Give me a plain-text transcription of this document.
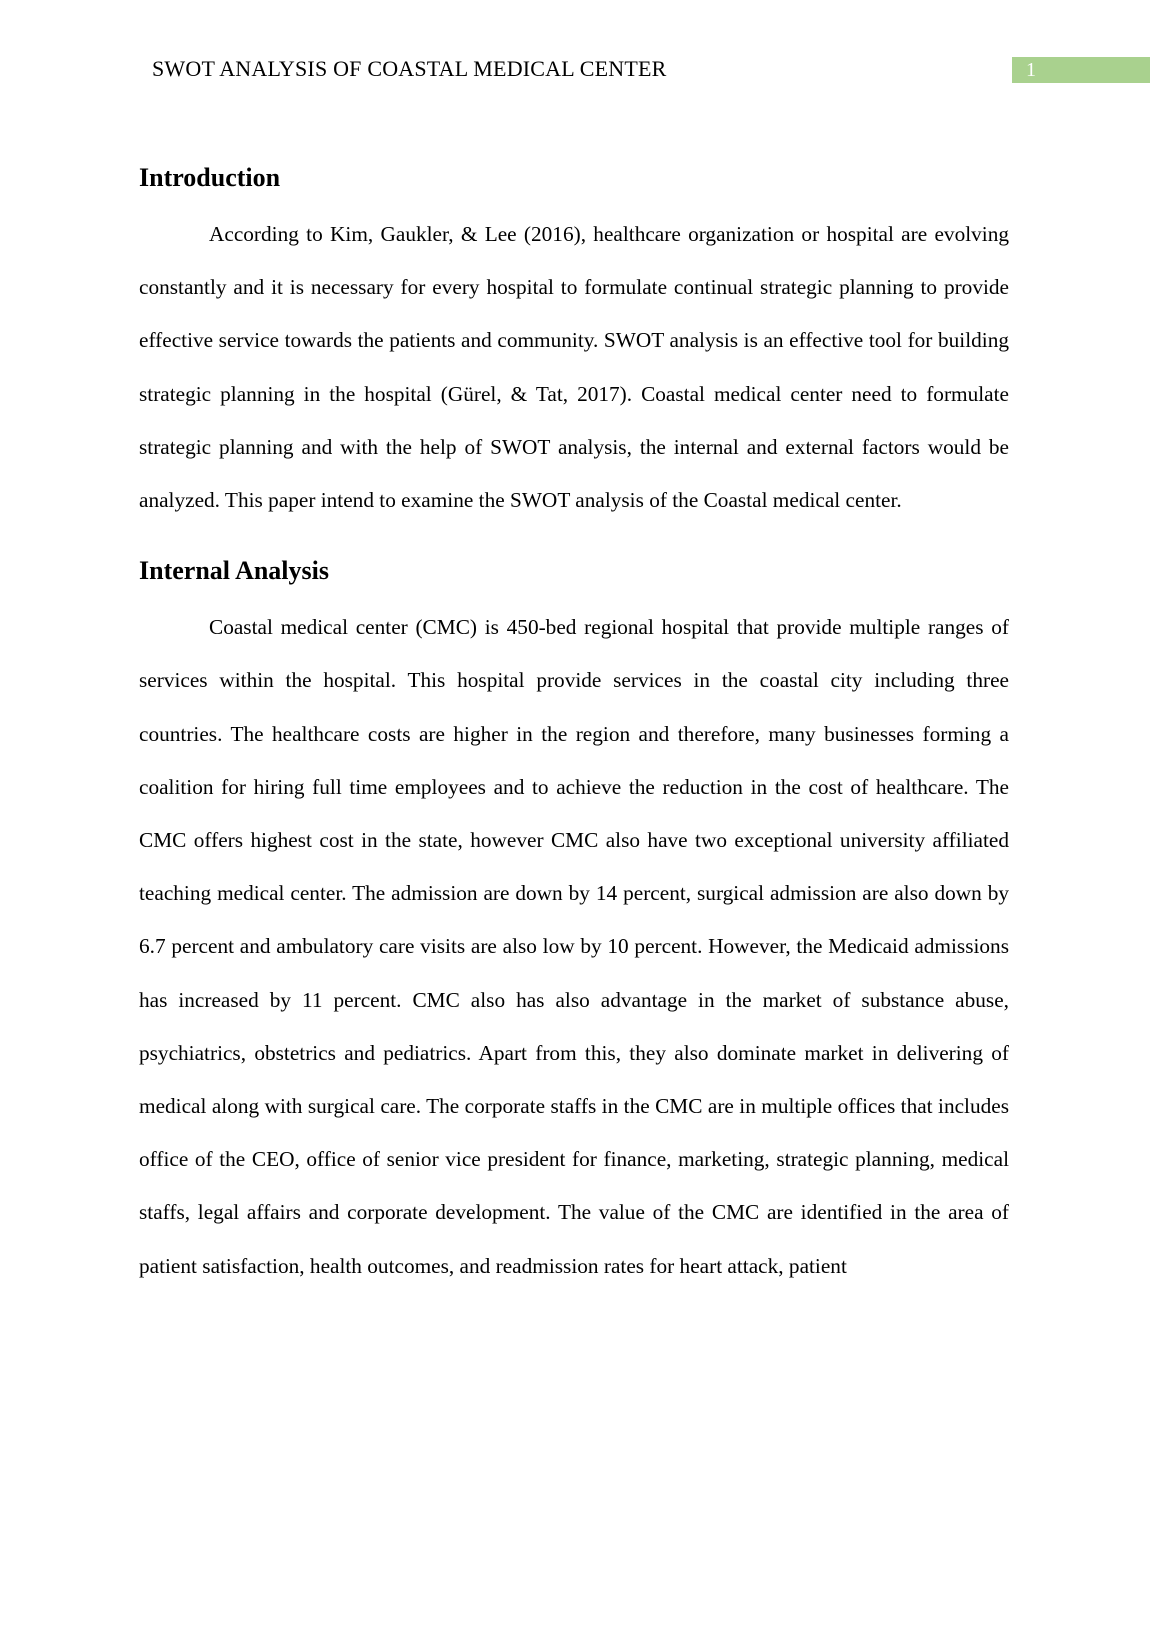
SWOT ANALYSIS OF COASTAL MEDICAL CENTER	1
Introduction

According to Kim, Gaukler, & Lee (2016), healthcare organization or hospital are evolving constantly and it is necessary for every hospital to formulate continual strategic planning to provide effective service towards the patients and community. SWOT analysis is an effective tool for building strategic planning in the hospital (Gürel, & Tat, 2017). Coastal medical center need to formulate strategic planning and with the help of SWOT analysis, the internal and external factors would be analyzed. This paper intend to examine the SWOT analysis of the Coastal medical center.

Internal Analysis

Coastal medical center (CMC) is 450-bed regional hospital that provide multiple ranges of services within the hospital. This hospital provide services in the coastal city including three countries. The healthcare costs are higher in the region and therefore, many businesses forming a coalition for hiring full time employees and to achieve the reduction in the cost of healthcare. The CMC offers highest cost in the state, however CMC also have two exceptional university affiliated teaching medical center. The admission are down by 14 percent, surgical admission are also down by 6.7 percent and ambulatory care visits are also low by 10 percent. However, the Medicaid admissions has increased by 11 percent. CMC also has also advantage in the market of substance abuse, psychiatrics, obstetrics and pediatrics. Apart from this, they also dominate market in delivering of medical along with surgical care. The corporate staffs in the CMC are in multiple offices that includes office of the CEO, office of senior vice president for finance, marketing, strategic planning, medical staffs, legal affairs and corporate development. The value of the CMC are identified in the area of patient satisfaction, health outcomes, and readmission rates for heart attack, patient
